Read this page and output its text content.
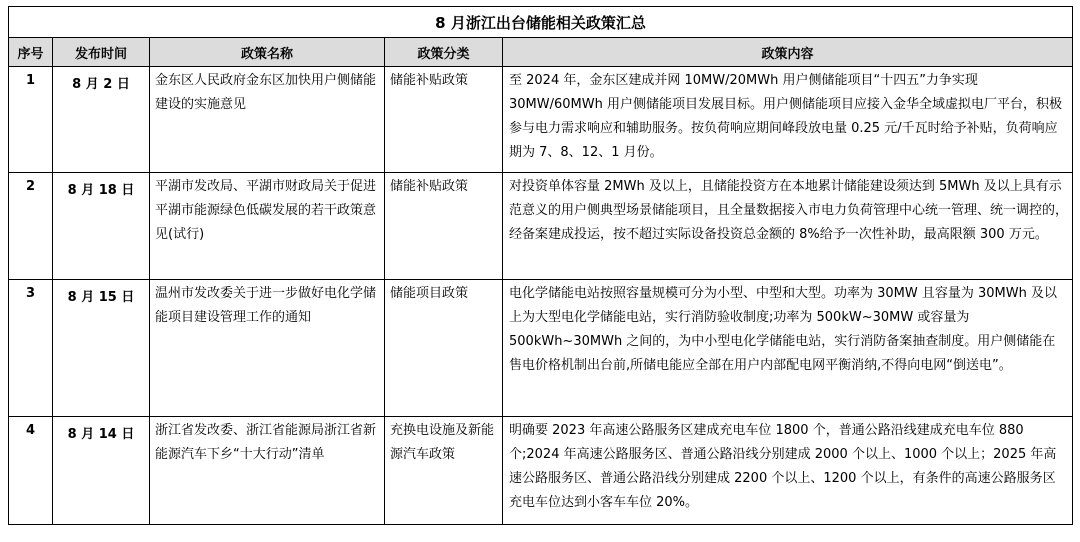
8 月浙江出台储能相关政策汇总				
序号	发布时间	政策名称	政策分类	政策内容
1	8 月 2 日	金东区人民政府金东区加快用户侧储能建设的实施意见	储能补贴政策	至 2024 年，金东区建成并网 10MW/20MWh 用户侧储能项目“十四五”力争实现 30MW/60MWh 用户侧储能项目发展目标。用户侧储能项目应接入金华全域虚拟电厂平台，积极参与电力需求响应和辅助服务。按负荷响应期间峰段放电量 0.25 元/千瓦时给予补贴，负荷响应期为 7、8、12、1 月份。
2	8 月 18 日	平湖市发改局、平湖市财政局关于促进平湖市能源绿色低碳发展的若干政策意见(试行)	储能补贴政策	对投资单体容量 2MWh 及以上，且储能投资方在本地累计储能建设须达到 5MWh 及以上具有示范意义的用户侧典型场景储能项目，且全量数据接入市电力负荷管理中心统一管理、统一调控的，经备案建成投运，按不超过实际设备投资总金额的 8%给予一次性补助，最高限额 300 万元。
3	8 月 15 日	温州市发改委关于进一步做好电化学储能项目建设管理工作的通知	储能项目政策	电化学储能电站按照容量规模可分为小型、中型和大型。功率为 30MW 且容量为 30MWh 及以上为大型电化学储能电站，实行消防验收制度;功率为 500kW~30MW 或容量为 500kWh~30MWh 之间的，为中小型电化学储能电站，实行消防备案抽查制度。用户侧储能在售电价格机制出台前,所储电能应全部在用户内部配电网平衡消纳,不得向电网“倒送电”。
4	8 月 14 日	浙江省发改委、浙江省能源局浙江省新能源汽车下乡“十大行动”清单	充换电设施及新能源汽车政策	明确要 2023 年高速公路服务区建成充电车位 1800 个，普通公路沿线建成充电车位 880 个;2024 年高速公路服务区、普通公路沿线分别建成 2000 个以上、1000 个以上；2025 年高速公路服务区、普通公路沿线分别建成 2200 个以上、1200 个以上，有条件的高速公路服务区充电车位达到小客车车位 20%。
